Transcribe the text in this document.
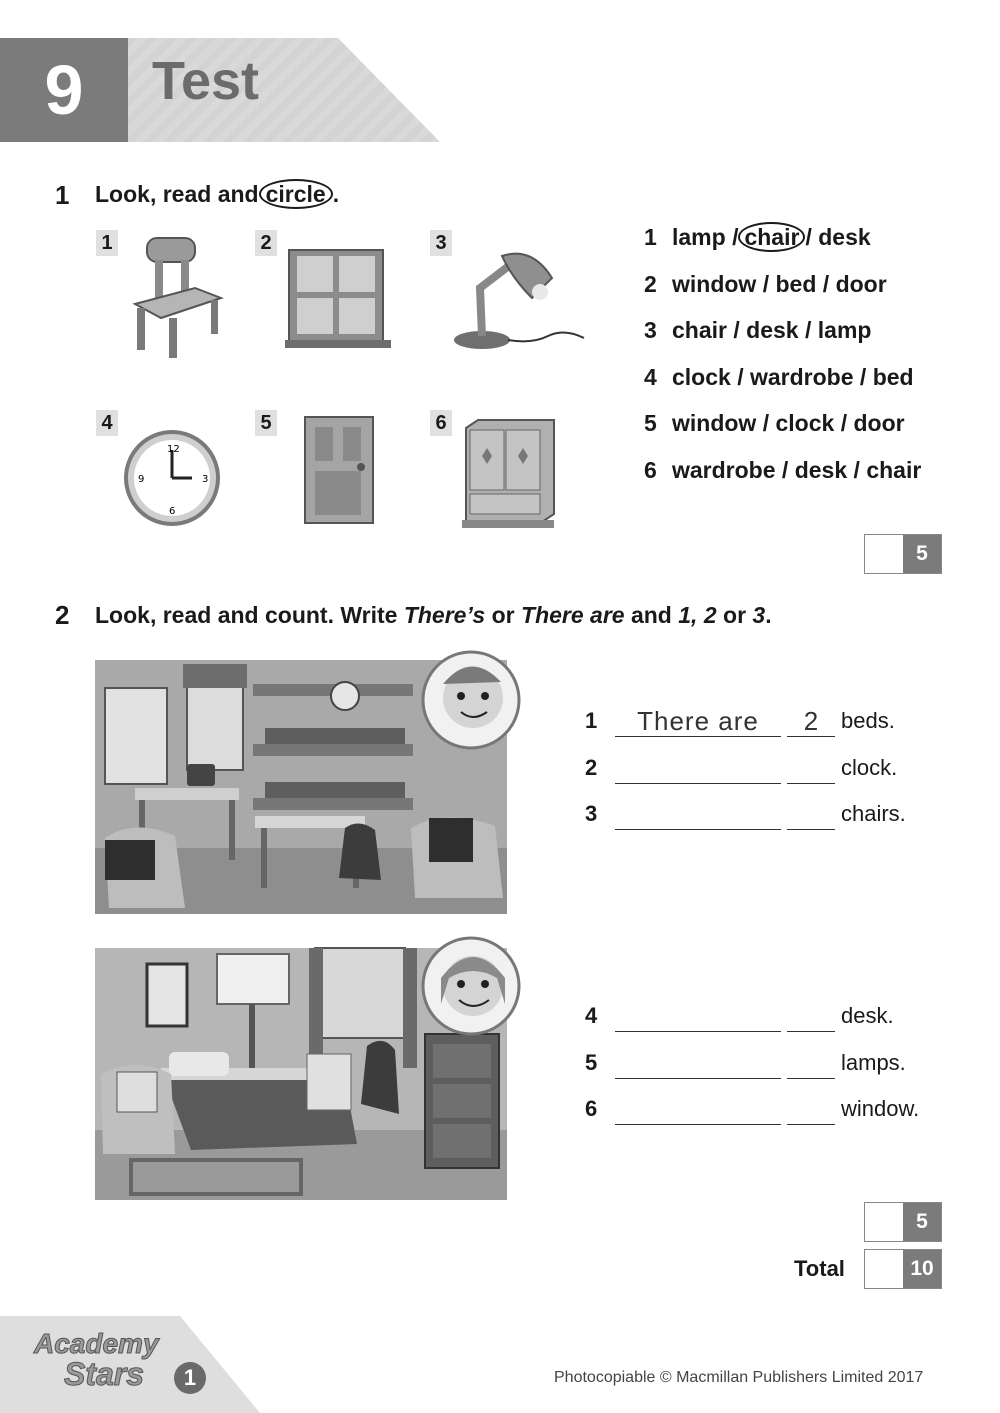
9	Test
1 Look, read and circle .
1	2	3
4
12
3
6
9
5	6
1 lamp / chair / desk
2 window / bed / door
3 chair / desk / lamp
4 clock / wardrobe / bed
5 window / clock / door
6 wardrobe / desk / chair
5
2 Look, read and count. Write There’s or There are and 1, 2 or 3.
1	There are	2	beds.
2	clock.
3	chairs.
4	desk.
5	lamps.
6	window.
5
Total	10
Academy
Stars	1	Photocopiable © Macmillan Publishers Limited 2017
